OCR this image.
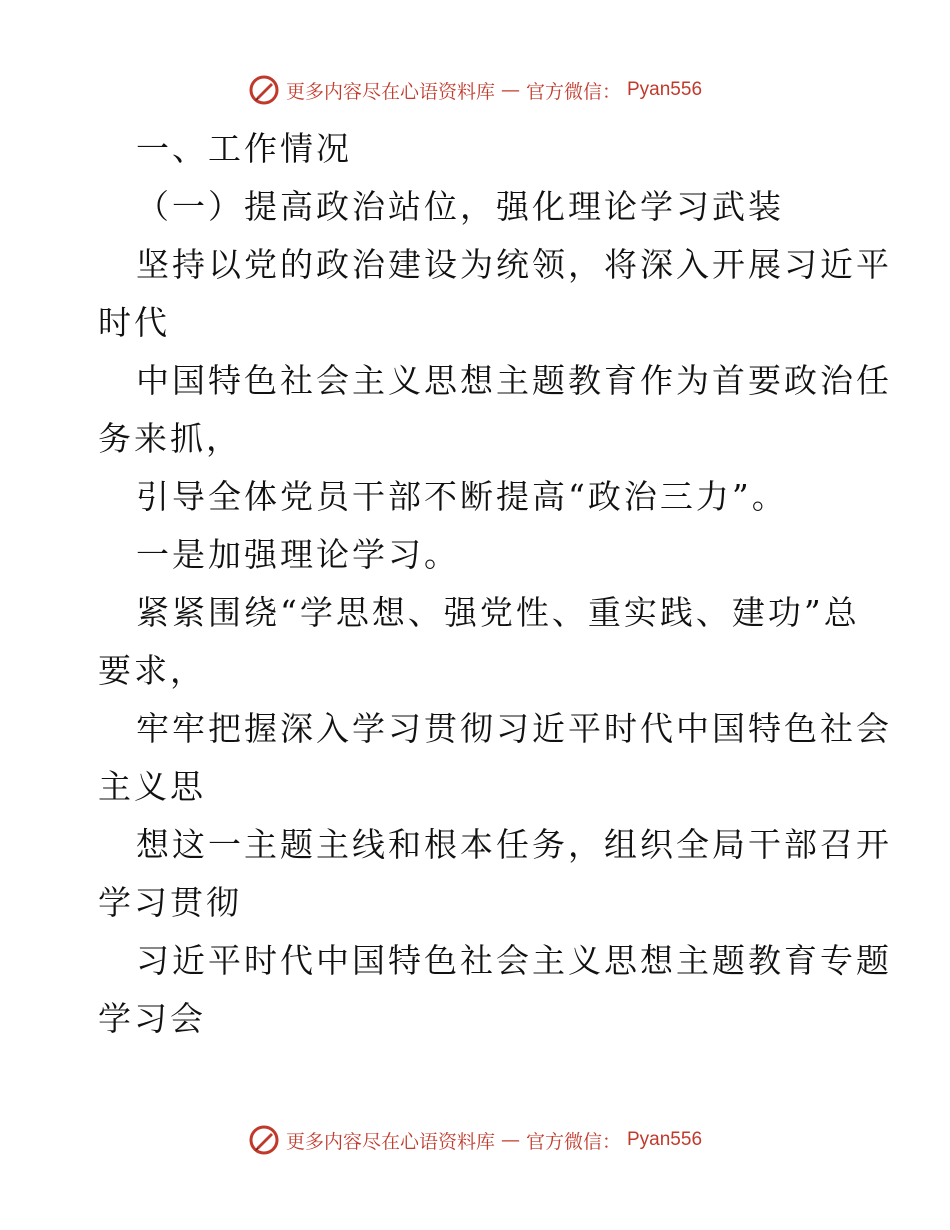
更多内容尽在心语资料库 — 官方微信： Pyan556
一、工作情况
（一）提高政治站位，强化理论学习武装
坚持以党的政治建设为统领，将深入开展习近平
时代
中国特色社会主义思想主题教育作为首要政治任
务来抓，
引导全体党员干部不断提高“政治三力”。
一是加强理论学习。
紧紧围绕“学思想、强党性、重实践、建功”总
要求，
牢牢把握深入学习贯彻习近平时代中国特色社会
主义思
想这一主题主线和根本任务，组织全局干部召开
学习贯彻
习近平时代中国特色社会主义思想主题教育专题
学习会
更多内容尽在心语资料库 — 官方微信： Pyan556
